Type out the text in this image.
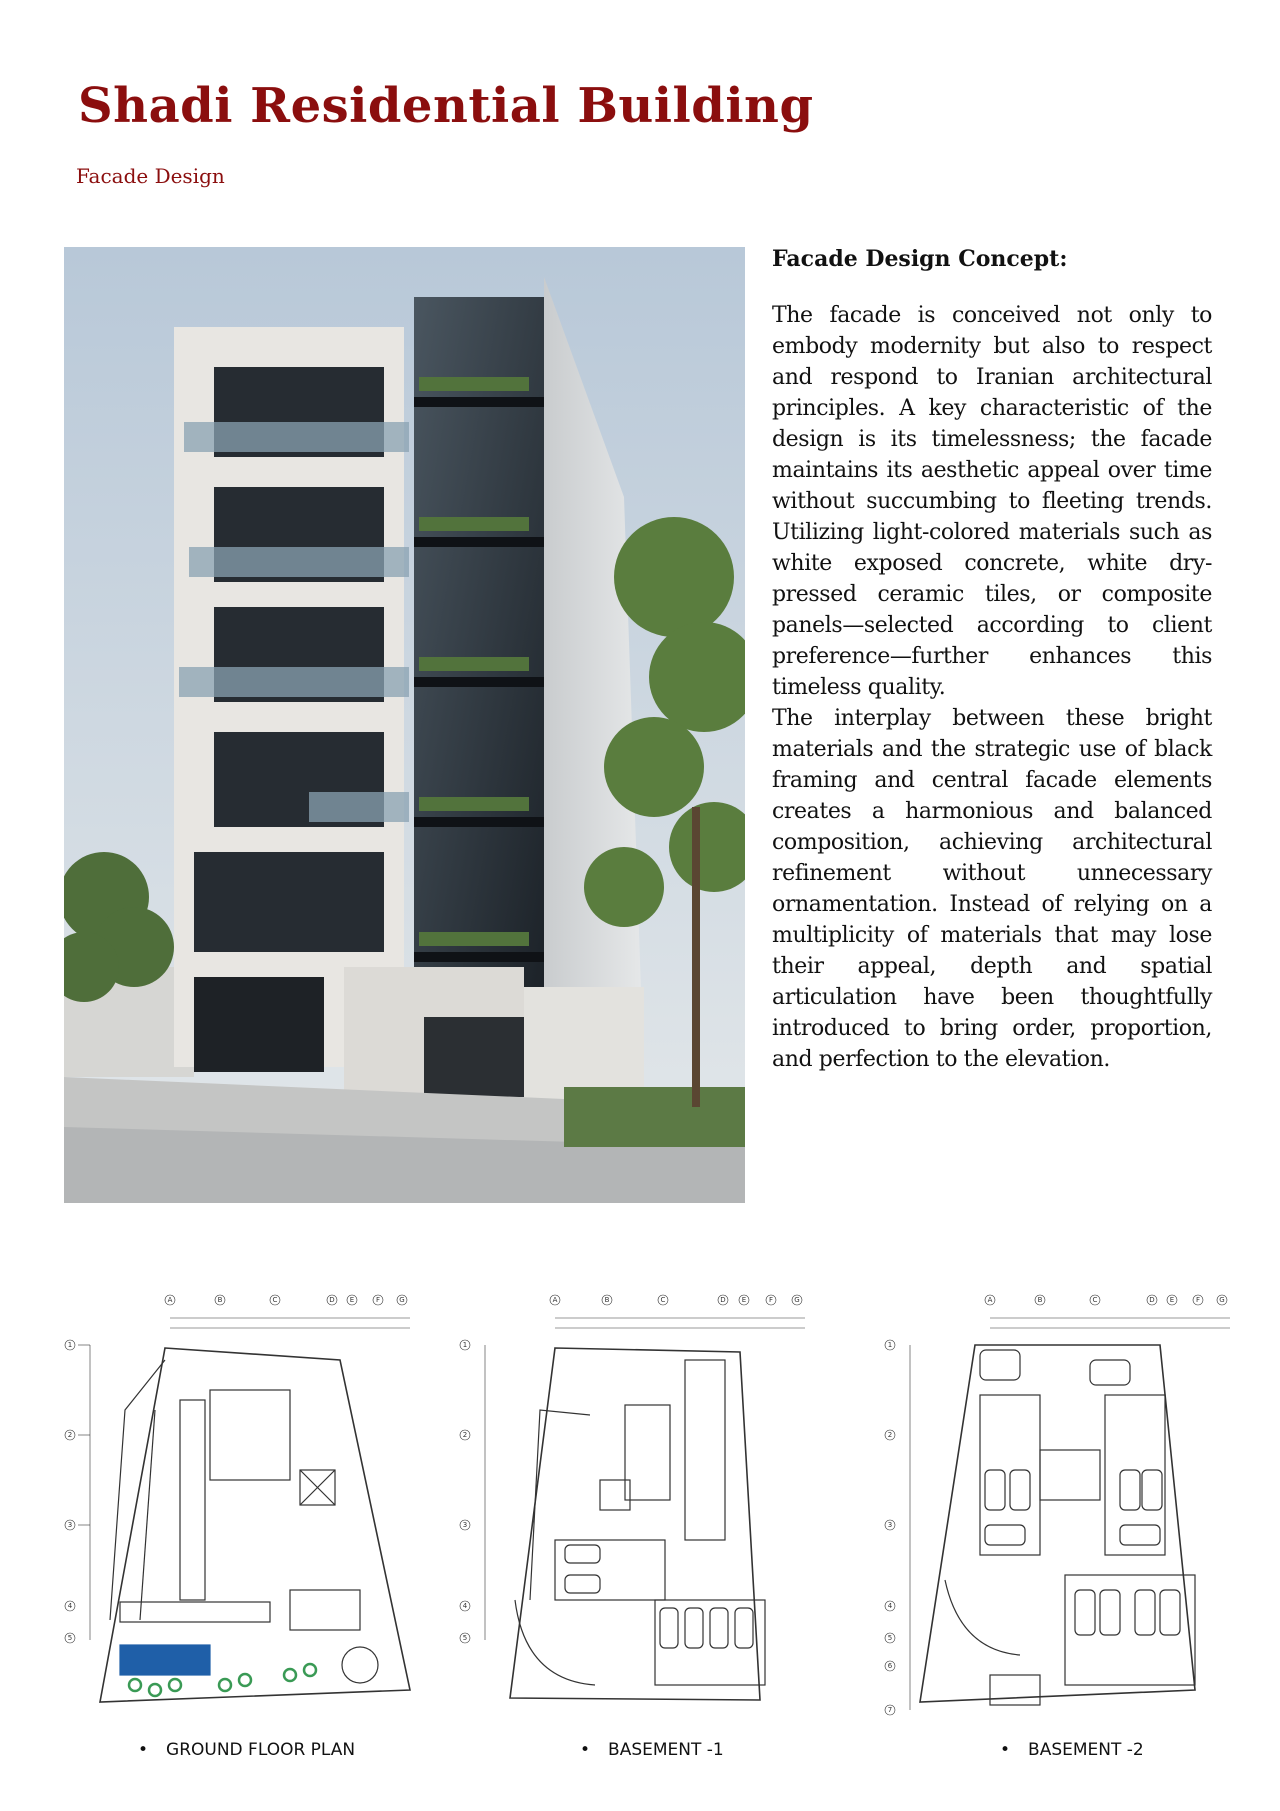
Shadi Residential Building
Facade Design
Facade Design Concept:

The facade is conceived not only to embody modernity but also to respect and respond to Iranian architectural principles. A key characteristic of the design is its timelessness; the facade maintains its aesthetic appeal over time without succumbing to fleeting trends. Utilizing light-colored materials such as white exposed concrete, white dry-pressed ceramic tiles, or composite panels—selected according to client preference—further enhances this timeless quality.

The interplay between these bright materials and the strategic use of black framing and central facade elements creates a harmonious and balanced composition, achieving architectural refinement without unnecessary ornamentation. Instead of relying on a multiplicity of materials that may lose their appeal, depth and spatial articulation have been thoughtfully introduced to bring order, proportion, and perfection to the elevation.

A	B	C	D E	F	G
1
2
3
4
5
• GROUND FLOOR PLAN
A	B	C	D E	F	G
1
2
3
4
5
• BASEMENT -1
A	B	C	D E	F	G
1
2
3
4
5
6
7
• BASEMENT -2
